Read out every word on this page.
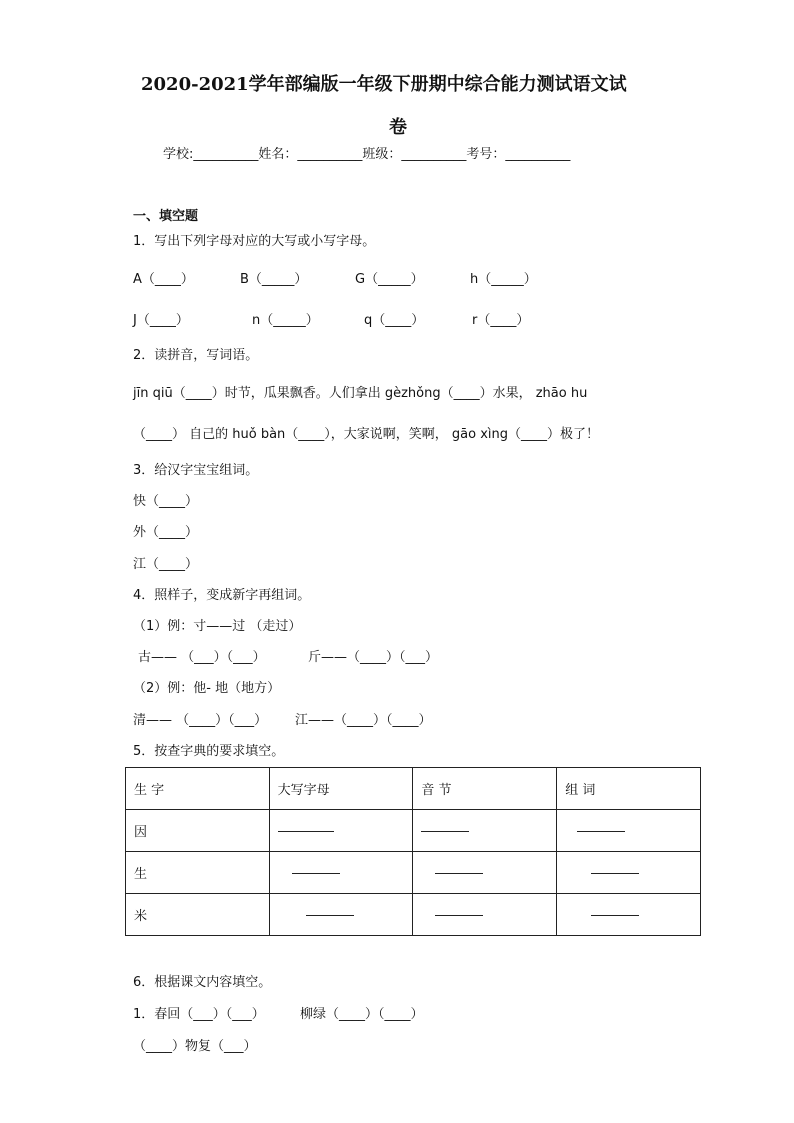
2020-2021学年部编版一年级下册期中综合能力测试语文试
卷
学校:__________姓名：__________班级：__________考号：__________
一、填空题
1．写出下列字母对应的大写或小写字母。
A（____）	B（_____）	G（_____）	h（_____）
J（____）	n（_____）	q（____）	r（____）
2．读拼音，写词语。
jīn qiū（____）时节，瓜果飘香。人们拿出 gèzhǒng（____）水果， zhāo hu
（____） 自己的 huǒ bàn（____），大家说啊，笑啊， gāo xìng（____）极了！
3．给汉字宝宝组词。
快（____）
外（____）
江（____）
4．照样子，变成新字再组词。
（1）例：寸——过 （走过）
古—— （___）（___）	斤——（____）（___）
（2）例：他- 地（地方）
清—— （____）（___） 江——（____）（____）
5．按查字典的要求填空。
生 字	大写字母	音 节	组 词
因			
生			
米			
6．根据课文内容填空。
1．春回（___）（___）	柳绿（____）（____）
（____）物复（___）
